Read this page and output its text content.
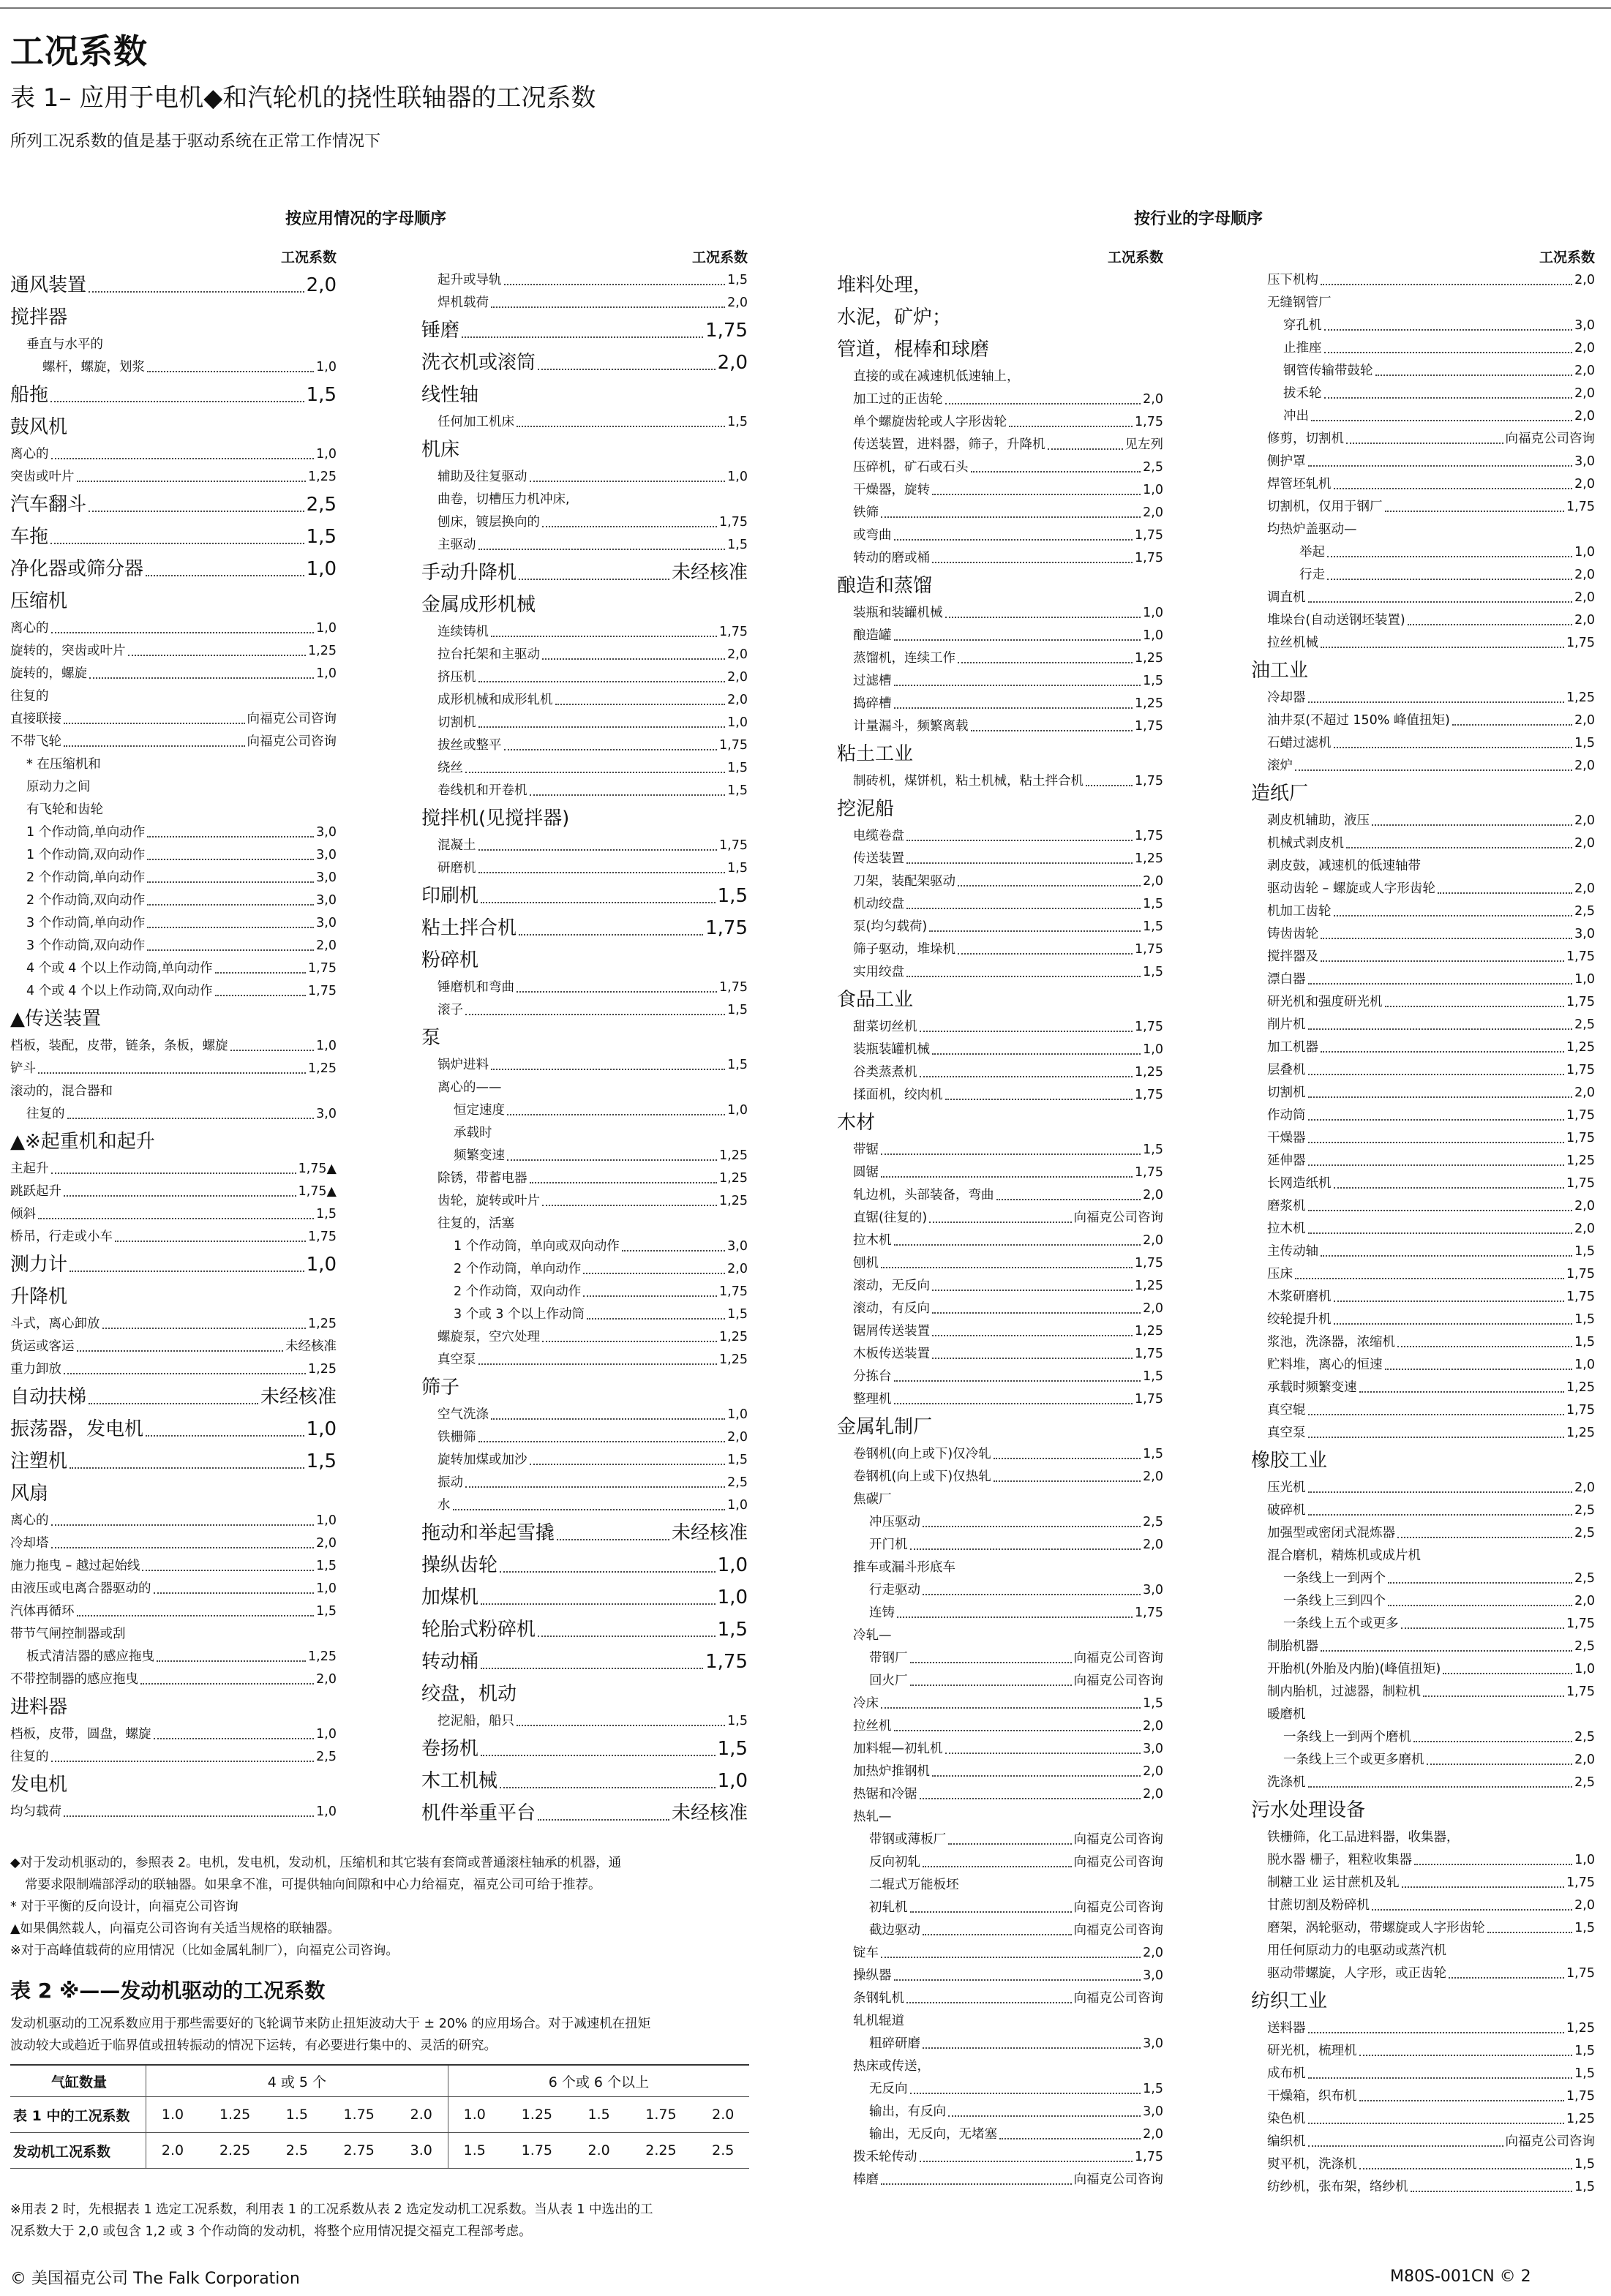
工况系数
表 1– 应用于电机◆和汽轮机的挠性联轴器的工况系数
所列工况系数的值是基于驱动系统在正常工作情况下
按应用情况的字母顺序	按行业的字母顺序
工况系数
通风装置	2,0
搅拌器
垂直与水平的
螺杆，螺旋，划浆	1,0
船拖	1,5
鼓风机
离心的	1,0
突齿或叶片	1,25
汽车翻斗	2,5
车拖	1,5
净化器或筛分器	1,0
压缩机
离心的	1,0
旋转的，突齿或叶片	1,25
旋转的，螺旋	1,0
往复的
直接联接	向福克公司咨询
不带飞轮	向福克公司咨询
* 在压缩机和
原动力之间
有飞轮和齿轮
1 个作动筒,单向动作	3,0
1 个作动筒,双向动作	3,0
2 个作动筒,单向动作	3,0
2 个作动筒,双向动作	3,0
3 个作动筒,单向动作	3,0
3 个作动筒,双向动作	2,0
4 个或 4 个以上作动筒,单向动作	1,75
4 个或 4 个以上作动筒,双向动作	1,75
▲传送装置
档板，装配，皮带，链条，条板，螺旋	1,0
铲斗	1,25
滚动的，混合器和
往复的	3,0
▲※起重机和起升
主起升	1,75▲
跳跃起升	1,75▲
倾斜	1,5
桥吊，行走或小车	1,75
测力计	1,0
升降机
斗式，离心卸放	1,25
货运或客运	未经核准
重力卸放	1,25
自动扶梯	未经核准
振荡器，发电机	1,0
注塑机	1,5
风扇
离心的	1,0
冷却塔	2,0
施力拖曳 – 越过起始线	1,5
由液压或电离合器驱动的	1,0
汽体再循环	1,5
带节气闸控制器或刮
板式清洁器的感应拖曳	1,25
不带控制器的感应拖曳	2,0
进料器
档板，皮带，圆盘，螺旋	1,0
往复的	2,5
发电机
均匀载荷	1,0
工况系数
起升或导轨	1,5
焊机载荷	2,0
锤磨	1,75
洗衣机或滚筒	2,0
线性轴
任何加工机床	1,5
机床
辅助及往复驱动	1,0
曲卷，切槽压力机冲床,
刨床，镀层换向的	1,75
主驱动	1,5
手动升降机	未经核准
金属成形机械
连续铸机	1,75
拉台托架和主驱动	2,0
挤压机	2,0
成形机械和成形轧机	2,0
切割机	1,0
拔丝或整平	1,75
绕丝	1,5
卷线机和开卷机	1,5
搅拌机(见搅拌器)
混凝土	1,75
研磨机	1,5
印刷机	1,5
粘土拌合机	1,75
粉碎机
锤磨机和弯曲	1,75
滚子	1,5
泵
锅炉进料	1,5
离心的——
恒定速度	1,0
承载时
频繁变速	1,25
除锈，带蓄电器	1,25
齿轮，旋转或叶片	1,25
往复的，活塞
1 个作动筒，单向或双向动作	3,0
2 个作动筒，单向动作	2,0
2 个作动筒，双向动作	1,75
3 个或 3 个以上作动筒	1,5
螺旋泵，空穴处理	1,25
真空泵	1,25
筛子
空气洗涤	1,0
铁栅筛	2,0
旋转加煤或加沙	1,5
振动	2,5
水	1,0
拖动和举起雪撬	未经核准
操纵齿轮	1,0
加煤机	1,0
轮胎式粉碎机	1,5
转动桶	1,75
绞盘，机动
挖泥船，船只	1,5
卷扬机	1,5
木工机械	1,0
机件举重平台	未经核准
工况系数
堆料处理，
水泥，矿炉；
管道，棍棒和球磨
直接的或在减速机低速轴上，
加工过的正齿轮	2,0
单个螺旋齿轮或人字形齿轮	1,75
传送装置，进料器，筛子，升降机	见左列
压碎机，矿石或石头	2,5
干燥器，旋转	1,0
铁筛	2,0
或弯曲	1,75
转动的磨或桶	1,75
酿造和蒸馏
装瓶和装罐机械	1,0
酿造罐	1,0
蒸馏机，连续工作	1,25
过滤槽	1,5
捣碎槽	1,25
计量漏斗，频繁离载	1,75
粘土工业
制砖机，煤饼机，粘土机械，粘土拌合机	1,75
挖泥船
电缆卷盘	1,75
传送装置	1,25
刀架，装配架驱动	2,0
机动绞盘	1,5
泵(均匀载荷)	1,5
筛子驱动，堆垛机	1,75
实用绞盘	1,5
食品工业
甜菜切丝机	1,75
装瓶装罐机械	1,0
谷类蒸煮机	1,25
揉面机，绞肉机	1,75
木材
带锯	1,5
圆锯	1,75
轧边机，头部装备，弯曲	2,0
直锯(往复的)	向福克公司咨询
拉木机	2,0
刨机	1,75
滚动，无反向	1,25
滚动，有反向	2,0
锯屑传送装置	1,25
木板传送装置	1,75
分拣台	1,5
整理机	1,75
金属轧制厂
卷钢机(向上或下)仅冷轧	1,5
卷钢机(向上或下)仅热轧	2,0
焦碳厂
冲压驱动	2,5
开门机	2,0
推车或漏斗形底车
行走驱动	3,0
连铸	1,75
冷轧—
带钢厂	向福克公司咨询
回火厂	向福克公司咨询
冷床	1,5
拉丝机	2,0
加料辊—初轧机	3,0
加热炉推钢机	2,0
热锯和冷锯	2,0
热轧—
带钢或薄板厂	向福克公司咨询
反向初轧	向福克公司咨询
二辊式万能板坯
初轧机	向福克公司咨询
截边驱动	向福克公司咨询
锭车	2,0
操纵器	3,0
条钢轧机	向福克公司咨询
轧机辊道
粗碎研磨	3,0
热床或传送，
无反向	1,5
输出，有反向	3,0
输出，无反向，无堵塞	2,0
拨禾轮传动	1,75
棒磨	向福克公司咨询
工况系数
压下机构	2,0
无缝钢管厂
穿孔机	3,0
止推座	2,0
钢管传输带鼓轮	2,0
拔禾轮	2,0
冲出	2,0
修剪，切割机	向福克公司咨询
侧护罩	3,0
焊管坯轧机	2,0
切割机，仅用于钢厂	1,75
均热炉盖驱动—
举起	1,0
行走	2,0
调直机	2,0
堆垛台(自动送钢坯装置)	2,0
拉丝机械	1,75
油工业
冷却器	1,25
油井泵(不超过 150% 峰值扭矩)	2,0
石蜡过滤机	1,5
滚炉	2,0
造纸厂
剥皮机辅助，液压	2,0
机械式剥皮机	2,0
剥皮鼓，减速机的低速轴带
驱动齿轮 – 螺旋或人字形齿轮	2,0
机加工齿轮	2,5
铸齿齿轮	3,0
搅拌器及	1,75
漂白器	1,0
研光机和强度研光机	1,75
削片机	2,5
加工机器	1,25
层叠机	1,75
切割机	2,0
作动筒	1,75
干燥器	1,75
延伸器	1,25
长网造纸机	1,75
磨浆机	2,0
拉木机	2,0
主传动轴	1,5
压床	1,75
木浆研磨机	1,75
绞轮提升机	1,5
浆池，洗涤器，浓缩机	1,5
贮料堆，离心的恒速	1,0
承载时频繁变速	1,25
真空辊	1,75
真空泵	1,25
橡胶工业
压光机	2,0
破碎机	2,5
加强型或密闭式混炼器	2,5
混合磨机，精炼机或成片机
一条线上一到两个	2,5
一条线上三到四个	2,0
一条线上五个或更多	1,75
制胎机器	2,5
开胎机(外胎及内胎)(峰值扭矩)	1,0
制内胎机，过滤器，制粒机	1,75
暖磨机
一条线上一到两个磨机	2,5
一条线上三个或更多磨机	2,0
洗涤机	2,5
污水处理设备
铁栅筛，化工品进料器，收集器，
脱水器 栅子，粗粒收集器	1,0
制糖工业 运甘蔗机及轧	1,75
甘蔗切割及粉碎机	2,0
磨架，涡轮驱动，带螺旋或人字形齿轮	1,5
用任何原动力的电驱动或蒸汽机
驱动带螺旋，人字形，或正齿轮	1,75
纺织工业
送料器	1,25
研光机，梳理机	1,5
成布机	1,5
干燥箱，织布机	1,75
染色机	1,25
编织机	向福克公司咨询
熨平机，洗涤机	1,5
纺纱机，张布架，络纱机	1,5
◆对于发动机驱动的，参照表 2。电机，发电机，发动机，压缩机和其它装有套筒或普通滚柱轴承的机器，通
常要求限制端部浮动的联轴器。如果拿不准，可提供轴向间隙和中心力给福克，福克公司可给于推荐。
* 对于平衡的反向设计，向福克公司咨询
▲如果偶然载人，向福克公司咨询有关适当规格的联轴器。
※对于高峰值载荷的应用情况（比如金属轧制厂），向福克公司咨询。
表 2 ※——发动机驱动的工况系数
发动机驱动的工况系数应用于那些需要好的飞轮调节来防止扭矩波动大于 ± 20% 的应用场合。对于减速机在扭矩
波动较大或趋近于临界值或扭转振动的情况下运转，有必要进行集中的、灵活的研究。
气缸数量	4 或 5 个					6 个或 6 个以上				
表 1 中的工况系数	1.0	1.25	1.5	1.75	2.0	1.0	1.25	1.5	1.75	2.0
发动机工况系数	2.0	2.25	2.5	2.75	3.0	1.5	1.75	2.0	2.25	2.5
※用表 2 时，先根据表 1 选定工况系数，利用表 1 的工况系数从表 2 选定发动机工况系数。当从表 1 中选出的工
况系数大于 2,0 或包含 1,2 或 3 个作动筒的发动机，将整个应用情况提交福克工程部考虑。
© 美国福克公司 The Falk Corporation	M80S-001CN © 2
